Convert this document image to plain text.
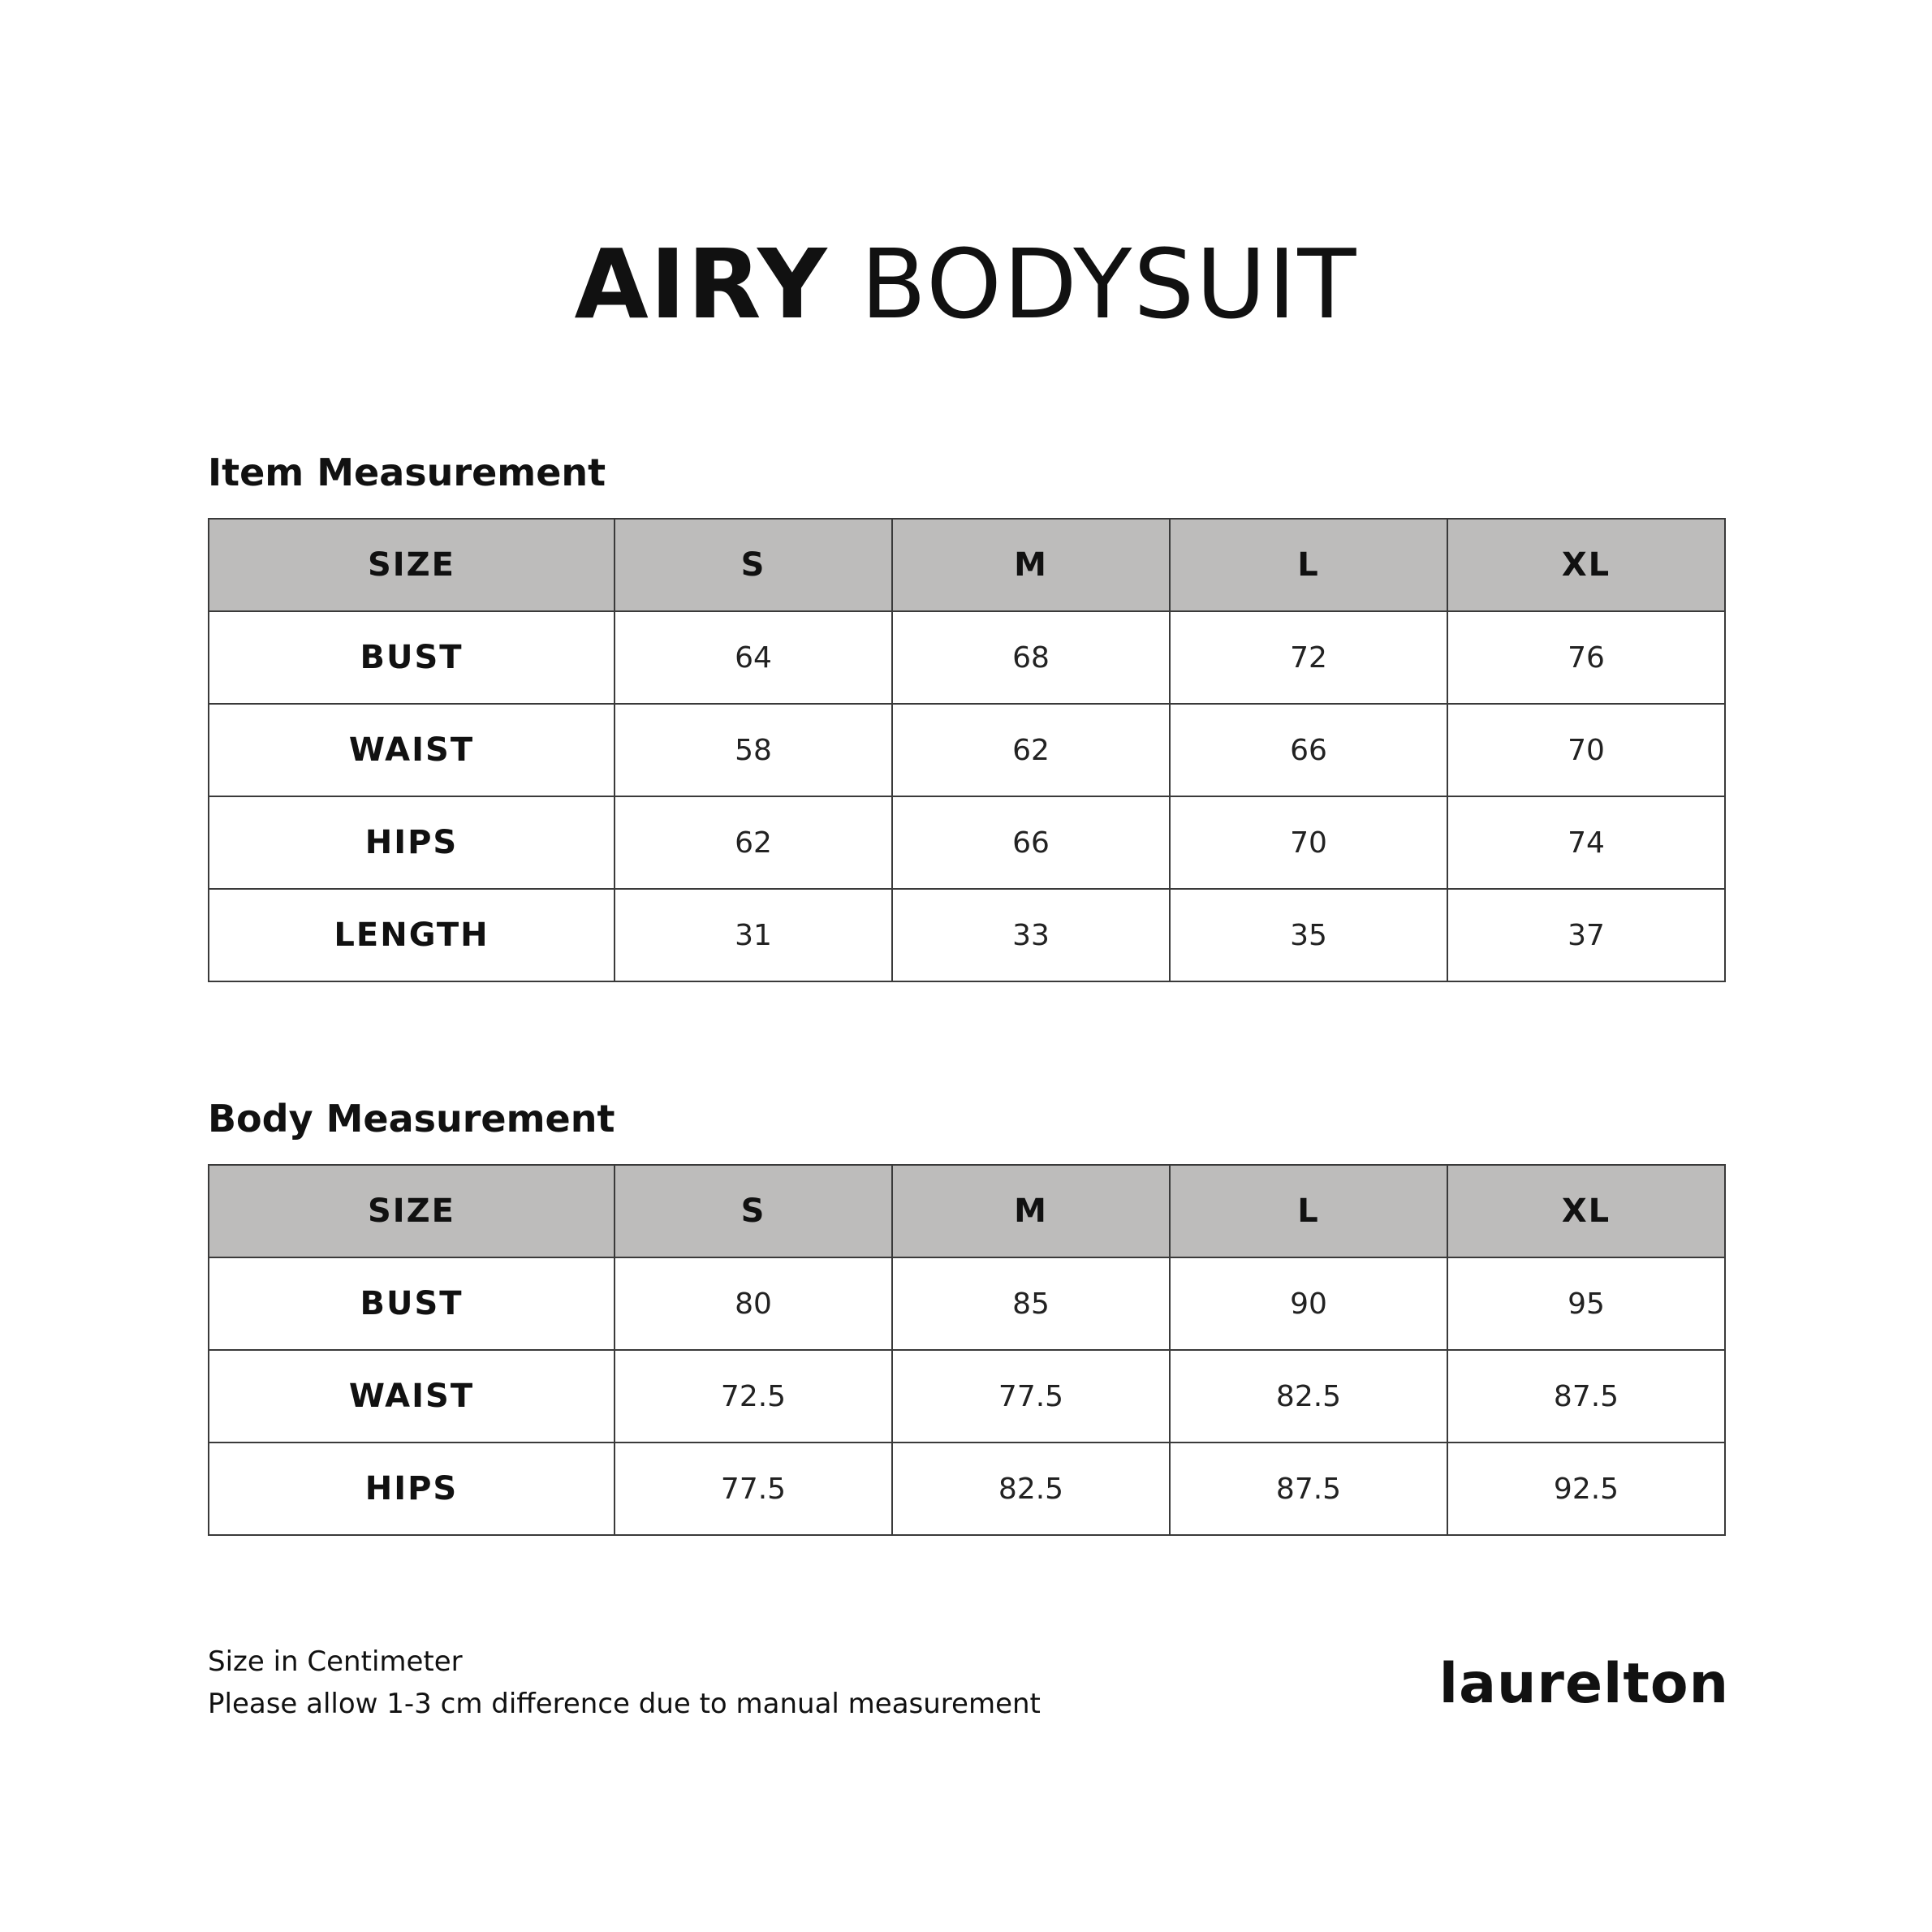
AIRY BODYSUIT
Item Measurement
SIZE	S	M	L	XL
BUST	64	68	72	76
WAIST	58	62	66	70
HIPS	62	66	70	74
LENGTH	31	33	35	37
Body Measurement
SIZE	S	M	L	XL
BUST	80	85	90	95
WAIST	72.5	77.5	82.5	87.5
HIPS	77.5	82.5	87.5	92.5
Size in Centimeter
Please allow 1-3 cm difference due to manual measurement	laurelton
